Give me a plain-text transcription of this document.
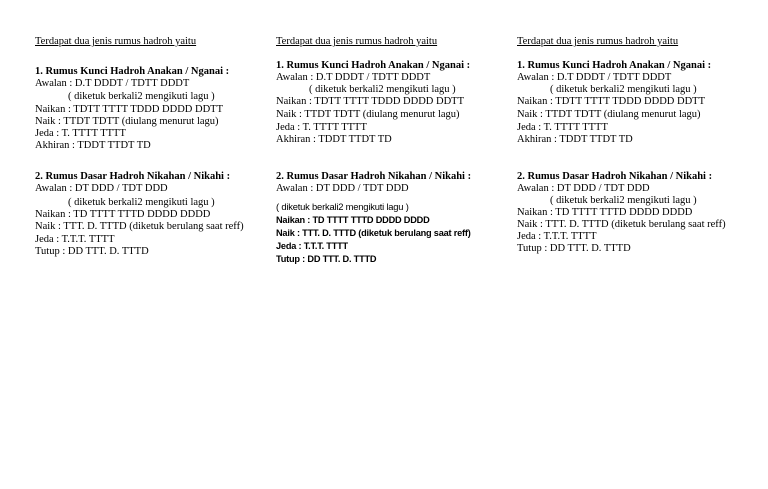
Terdapat dua jenis rumus hadroh yaitu

1. Rumus Kunci Hadroh Anakan / Nganai :

Awalan : D.T DDDT / TDTT DDDT

( diketuk berkali2 mengikuti lagu )

Naikan : TDTT TTTT TDDD DDDD DDTT

Naik : TTDT TDTT (diulang menurut lagu)

Jeda : T. TTTT TTTT

Akhiran : TDDT TTDT TD

2. Rumus Dasar Hadroh Nikahan / Nikahi :

Awalan : DT DDD / TDT DDD

( diketuk berkali2 mengikuti lagu )

Naikan : TD TTTT TTTD DDDD DDDD

Naik : TTT. D. TTTD (diketuk berulang saat reff)

Jeda : T.T.T. TTTT

Tutup : DD TTT. D. TTTD

Terdapat dua jenis rumus hadroh yaitu

1. Rumus Kunci Hadroh Anakan / Nganai :

Awalan : D.T DDDT / TDTT DDDT

( diketuk berkali2 mengikuti lagu )

Naikan : TDTT TTTT TDDD DDDD DDTT

Naik : TTDT TDTT (diulang menurut lagu)

Jeda : T. TTTT TTTT

Akhiran : TDDT TTDT TD

2. Rumus Dasar Hadroh Nikahan / Nikahi :

Awalan : DT DDD / TDT DDD

( diketuk berkali2 mengikuti lagu )

Naikan : TD TTTT TTTD DDDD DDDD

Naik : TTT. D. TTTD (diketuk berulang saat reff)

Jeda : T.T.T. TTTT

Tutup : DD TTT. D. TTTD

Terdapat dua jenis rumus hadroh yaitu

1. Rumus Kunci Hadroh Anakan / Nganai :

Awalan : D.T DDDT / TDTT DDDT

( diketuk berkali2 mengikuti lagu )

Naikan : TDTT TTTT TDDD DDDD DDTT

Naik : TTDT TDTT (diulang menurut lagu)

Jeda : T. TTTT TTTT

Akhiran : TDDT TTDT TD

2. Rumus Dasar Hadroh Nikahan / Nikahi :

Awalan : DT DDD / TDT DDD

( diketuk berkali2 mengikuti lagu )

Naikan : TD TTTT TTTD DDDD DDDD

Naik : TTT. D. TTTD (diketuk berulang saat reff)

Jeda : T.T.T. TTTT

Tutup : DD TTT. D. TTTD
